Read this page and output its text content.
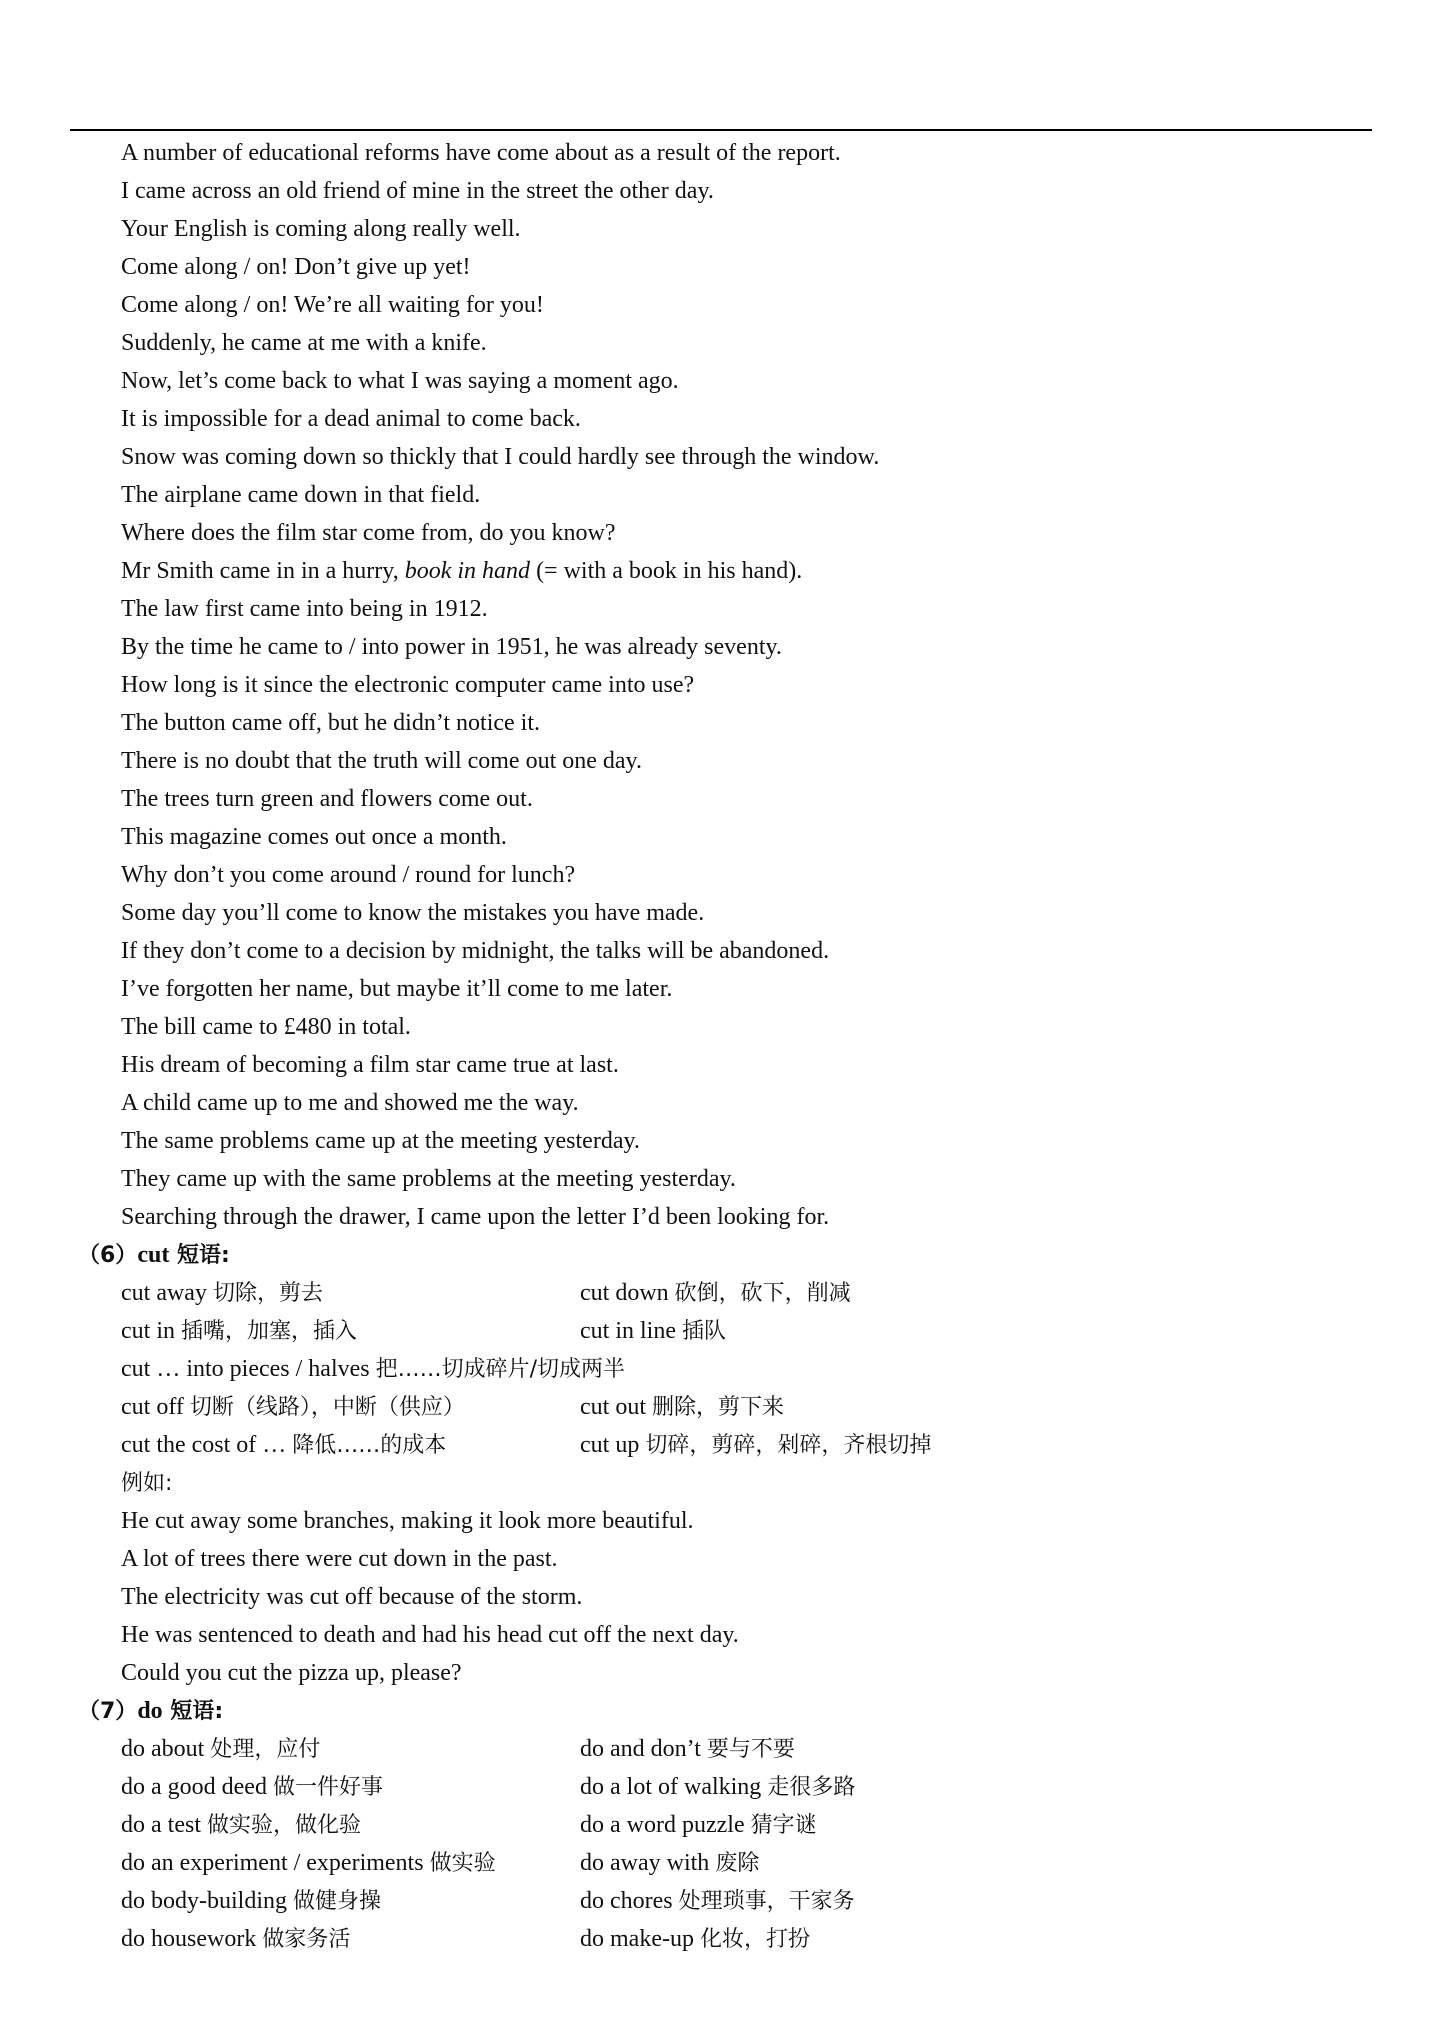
A number of educational reforms have come about as a result of the report.
I came across an old friend of mine in the street the other day.
Your English is coming along really well.
Come along / on! Don’t give up yet!
Come along / on! We’re all waiting for you!
Suddenly, he came at me with a knife.
Now, let’s come back to what I was saying a moment ago.
It is impossible for a dead animal to come back.
Snow was coming down so thickly that I could hardly see through the window.
The airplane came down in that field.
Where does the film star come from, do you know?
Mr Smith came in in a hurry, book in hand (= with a book in his hand).
The law first came into being in 1912.
By the time he came to / into power in 1951, he was already seventy.
How long is it since the electronic computer came into use?
The button came off, but he didn’t notice it.
There is no doubt that the truth will come out one day.
The trees turn green and flowers come out.
This magazine comes out once a month.
Why don’t you come around / round for lunch?
Some day you’ll come to know the mistakes you have made.
If they don’t come to a decision by midnight, the talks will be abandoned.
I’ve forgotten her name, but maybe it’ll come to me later.
The bill came to £480 in total.
His dream of becoming a film star came true at last.
A child came up to me and showed me the way.
The same problems came up at the meeting yesterday.
They came up with the same problems at the meeting yesterday.
Searching through the drawer, I came upon the letter I’d been looking for.
（6）cut 短语:
cut away 切除，剪去	cut down 砍倒，砍下，削减
cut in 插嘴，加塞，插入	cut in line 插队
cut … into pieces / halves 把……切成碎片/切成两半
cut off 切断（线路），中断（供应）	cut out 删除，剪下来
cut the cost of … 降低……的成本	cut up 切碎，剪碎，剁碎，齐根切掉
例如:
He cut away some branches, making it look more beautiful.
A lot of trees there were cut down in the past.
The electricity was cut off because of the storm.
He was sentenced to death and had his head cut off the next day.
Could you cut the pizza up, please?
（7）do 短语:
do about 处理，应付	do and don’t 要与不要
do a good deed 做一件好事	do a lot of walking 走很多路
do a test 做实验，做化验	do a word puzzle 猜字谜
do an experiment / experiments 做实验	do away with 废除
do body-building 做健身操	do chores 处理琐事，干家务
do housework 做家务活	do make-up 化妆，打扮
